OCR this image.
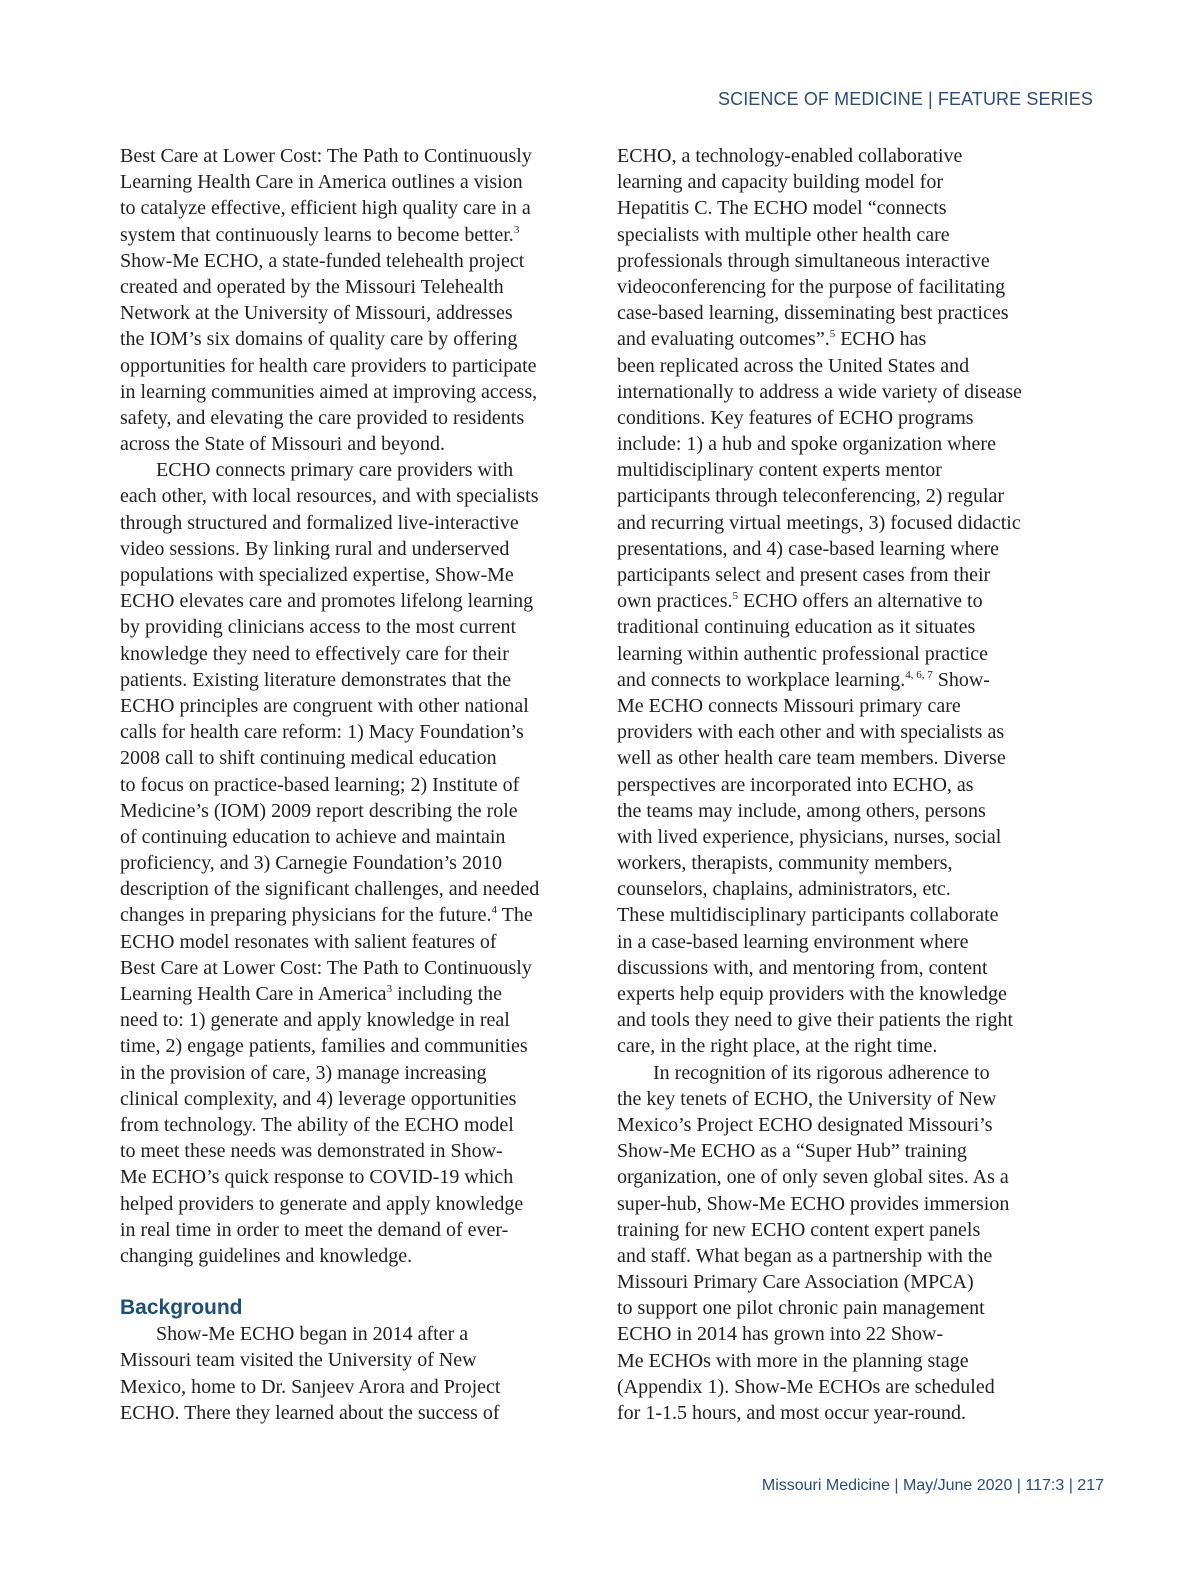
SCIENCE OF MEDICINE | FEATURE SERIES
Best Care at Lower Cost: The Path to Continuously
Learning Health Care in America outlines a vision
to catalyze effective, efficient high quality care in a
system that continuously learns to become better.$^3$
Show-Me ECHO, a state-funded telehealth project
created and operated by the Missouri Telehealth
Network at the University of Missouri, addresses
the IOM’s six domains of quality care by offering
opportunities for health care providers to participate
in learning communities aimed at improving access,
safety, and elevating the care provided to residents
across the State of Missouri and beyond.
ECHO connects primary care providers with
each other, with local resources, and with specialists
through structured and formalized live-interactive
video sessions. By linking rural and underserved
populations with specialized expertise, Show-Me
ECHO elevates care and promotes lifelong learning
by providing clinicians access to the most current
knowledge they need to effectively care for their
patients. Existing literature demonstrates that the
ECHO principles are congruent with other national
calls for health care reform: 1) Macy Foundation’s
2008 call to shift continuing medical education
to focus on practice-based learning; 2) Institute of
Medicine’s (IOM) 2009 report describing the role
of continuing education to achieve and maintain
proficiency, and 3) Carnegie Foundation’s 2010
description of the significant challenges, and needed
changes in preparing physicians for the future.$^4$ The
ECHO model resonates with salient features of
Best Care at Lower Cost: The Path to Continuously
Learning Health Care in America$^3$ including the
need to: 1) generate and apply knowledge in real
time, 2) engage patients, families and communities
in the provision of care, 3) manage increasing
clinical complexity, and 4) leverage opportunities
from technology. The ability of the ECHO model
to meet these needs was demonstrated in Show-
Me ECHO’s quick response to COVID-19 which
helped providers to generate and apply knowledge
in real time in order to meet the demand of ever-
changing guidelines and knowledge.
Background
Show-Me ECHO began in 2014 after a
Missouri team visited the University of New
Mexico, home to Dr. Sanjeev Arora and Project
ECHO. There they learned about the success of
ECHO, a technology-enabled collaborative
learning and capacity building model for
Hepatitis C. The ECHO model “connects
specialists with multiple other health care
professionals through simultaneous interactive
videoconferencing for the purpose of facilitating
case-based learning, disseminating best practices
and evaluating outcomes”.$^5$ ECHO has
been replicated across the United States and
internationally to address a wide variety of disease
conditions. Key features of ECHO programs
include: 1) a hub and spoke organization where
multidisciplinary content experts mentor
participants through teleconferencing, 2) regular
and recurring virtual meetings, 3) focused didactic
presentations, and 4) case-based learning where
participants select and present cases from their
own practices.$^5$ ECHO offers an alternative to
traditional continuing education as it situates
learning within authentic professional practice
and connects to workplace learning.$^{4, 6, 7}$ Show-
Me ECHO connects Missouri primary care
providers with each other and with specialists as
well as other health care team members. Diverse
perspectives are incorporated into ECHO, as
the teams may include, among others, persons
with lived experience, physicians, nurses, social
workers, therapists, community members,
counselors, chaplains, administrators, etc.
These multidisciplinary participants collaborate
in a case-based learning environment where
discussions with, and mentoring from, content
experts help equip providers with the knowledge
and tools they need to give their patients the right
care, in the right place, at the right time.
In recognition of its rigorous adherence to
the key tenets of ECHO, the University of New
Mexico’s Project ECHO designated Missouri’s
Show-Me ECHO as a “Super Hub” training
organization, one of only seven global sites. As a
super-hub, Show-Me ECHO provides immersion
training for new ECHO content expert panels
and staff. What began as a partnership with the
Missouri Primary Care Association (MPCA)
to support one pilot chronic pain management
ECHO in 2014 has grown into 22 Show-
Me ECHOs with more in the planning stage
(Appendix 1). Show-Me ECHOs are scheduled
for 1-1.5 hours, and most occur year-round.
Missouri Medicine | May/June 2020 | 117:3 | 217
